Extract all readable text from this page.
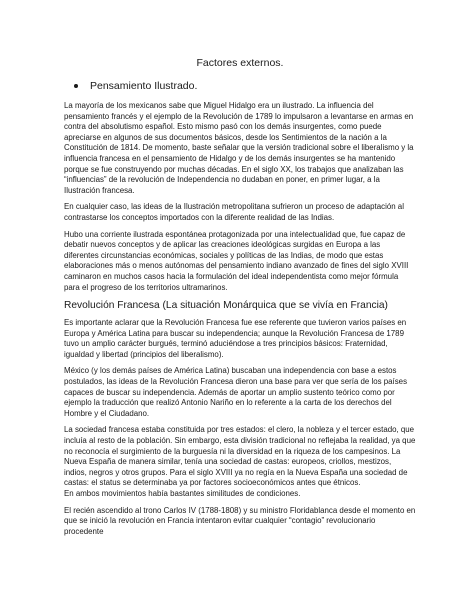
Factores externos.
Pensamiento Ilustrado.

La mayoría de los mexicanos sabe que Miguel Hidalgo era un ilustrado. La influencia del pensamiento francés y el ejemplo de la Revolución de 1789 lo impulsaron a levantarse en armas en contra del absolutismo español. Esto mismo pasó con los demás insurgentes, como puede apreciarse en algunos de sus documentos básicos, desde los Sentimientos de la nación a la Constitución de 1814. De momento, baste señalar que la versión tradicional sobre el liberalismo y la influencia francesa en el pensamiento de Hidalgo y de los demás insurgentes se ha mantenido porque se fue construyendo por muchas décadas. En el siglo XX, los trabajos que analizaban las “influencias” de la revolución de Independencia no dudaban en poner, en primer lugar, a la Ilustración francesa.

En cualquier caso, las ideas de la Ilustración metropolitana sufrieron un proceso de adaptación al contrastarse los conceptos importados con la diferente realidad de las Indias.

Hubo una corriente ilustrada espontánea protagonizada por una intelectualidad que, fue capaz de debatir nuevos conceptos y de aplicar las creaciones ideológicas surgidas en Europa a las diferentes circunstancias económicas, sociales y políticas de las Indias, de modo que estas elaboraciones más o menos autónomas del pensamiento indiano avanzado de fines del siglo XVIII caminaron en muchos casos hacia la formulación del ideal independentista como mejor fórmula para el progreso de los territorios ultramarinos.

Revolución Francesa (La situación Monárquica que se vivía en Francia)

Es importante aclarar que la Revolución Francesa fue ese referente que tuvieron varios países en Europa y América Latina para buscar su independencia; aunque la Revolución Francesa de 1789 tuvo un amplio carácter burgués, terminó aduciéndose a tres principios básicos: Fraternidad, igualdad y libertad (principios del liberalismo).

México (y los demás países de América Latina) buscaban una independencia con base a estos postulados, las ideas de la Revolución Francesa dieron una base para ver que sería de los países capaces de buscar su independencia. Además de aportar un amplio sustento teórico como por ejemplo la traducción que realizó Antonio Nariño en lo referente a la carta de los derechos del Hombre y el Ciudadano.

La sociedad francesa estaba constituida por tres estados: el clero, la nobleza y el tercer estado, que incluía al resto de la población. Sin embargo, esta división tradicional no reflejaba la realidad, ya que no reconocía el surgimiento de la burguesía ni la diversidad en la riqueza de los campesinos. La Nueva España de manera similar, tenía una sociedad de castas: europeos, criollos, mestizos, indios, negros y otros grupos. Para el siglo XVIII ya no regía en la Nueva España una sociedad de castas: el status se determinaba ya por factores socioeconómicos antes que étnicos.

En ambos movimientos había bastantes similitudes de condiciones.

El recién ascendido al trono Carlos IV (1788-1808) y su ministro Floridablanca desde el momento en que se inició la revolución en Francia intentaron evitar cualquier “contagio” revolucionario procedente
